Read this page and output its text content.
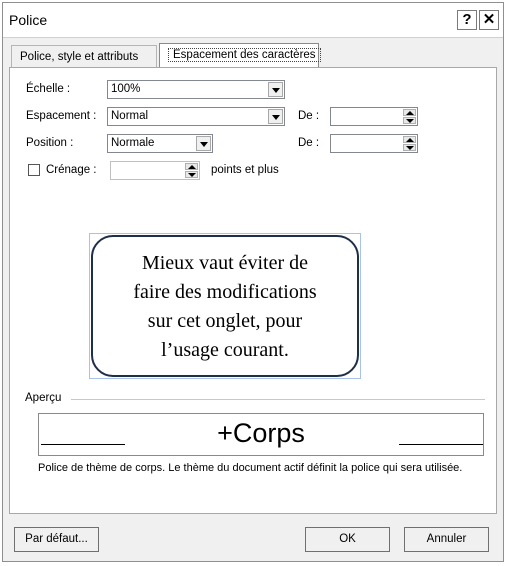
Police	? ✕
Police, style et attributs	Espacement des caractères
Échelle :	100%
Espacement :	Normal	De :
Position :	Normale	De :
Crénage :	points et plus
Mieux vaut éviter de
faire des modifications
sur cet onglet, pour
l’usage courant.
Aperçu
+Corps
Police de thème de corps. Le thème du document actif définit la police qui sera utilisée.
Par défaut...	OK	Annuler
